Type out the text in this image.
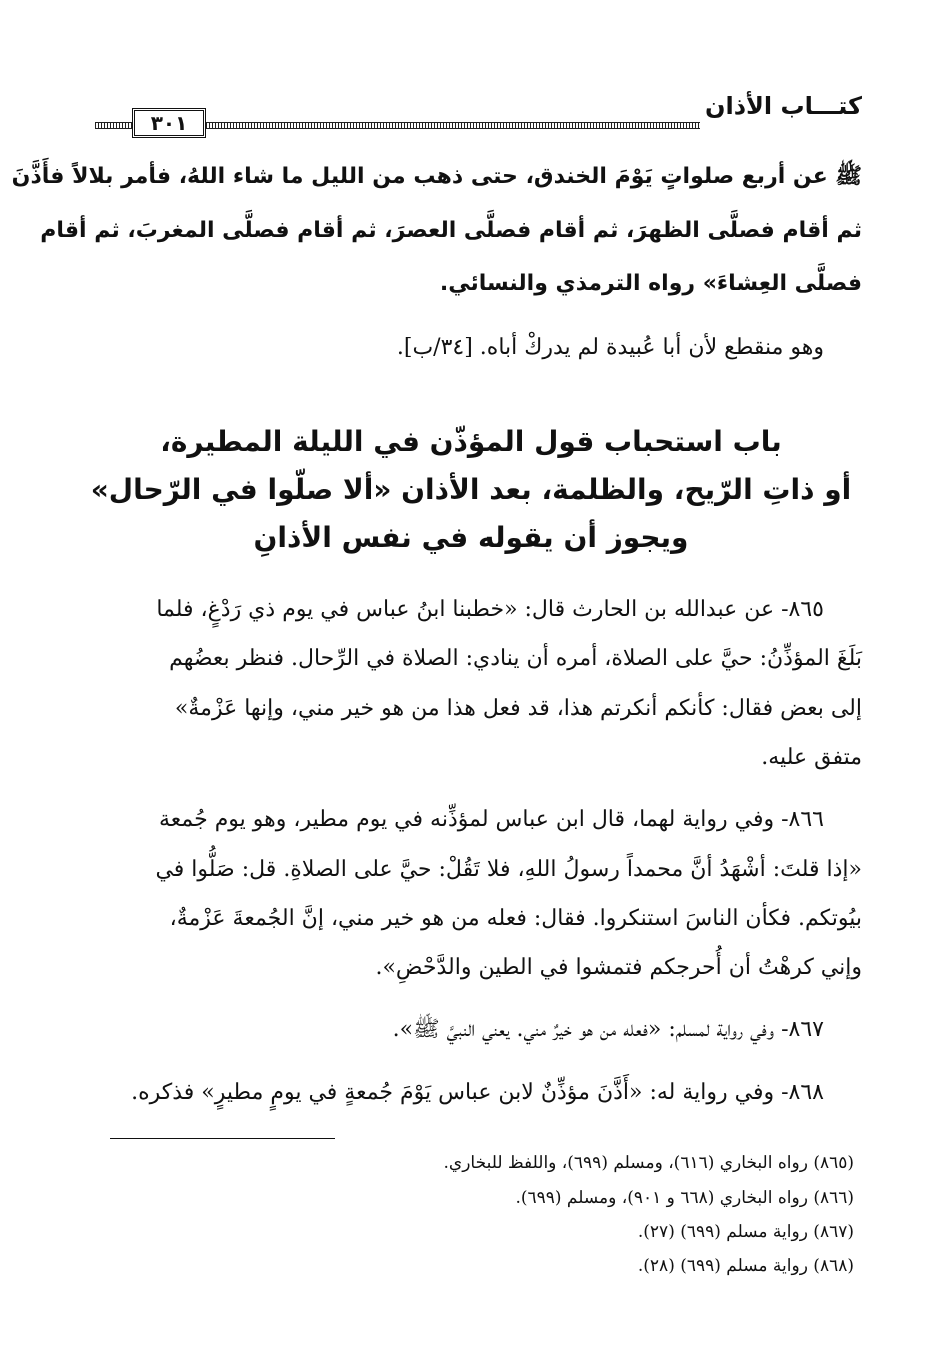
كتـــاب الأذان
٣٠١
ﷺ عن أربع صلواتٍ يَوْمَ الخندق، حتى ذهب من الليل ما شاء اللهُ، فأمر بلالاً فأَذَّنَ
ثم أقام فصلَّى الظهرَ، ثم أقام فصلَّى العصرَ، ثم أقام فصلَّى المغربَ، ثم أقام
فصلَّى العِشاءَ» رواه الترمذي والنسائي.
وهو منقطع لأن أبا عُبيدة لم يدركْ أباه. [٣٤/ب].
باب استحباب قول المؤذّن في الليلة المطيرة،
أو ذاتِ الرّيح، والظلمة، بعد الأذان «ألا صلّوا في الرّحال»
ويجوز أن يقوله في نفس الأذانِ
٨٦٥- عن عبدالله بن الحارث قال: «خطبنا ابنُ عباس في يوم ذي رَدْغٍ، فلما
بَلَغَ المؤذِّنُ: حيَّ على الصلاة، أمره أن ينادي: الصلاة في الرِّحال. فنظر بعضُهم
إلى بعض فقال: كأنكم أنكرتم هذا، قد فعل هذا من هو خير مني، وإنها عَزْمةٌ»
متفق عليه.
٨٦٦- وفي رواية لهما، قال ابن عباس لمؤذِّنه في يوم مطير، وهو يوم جُمعة
«إذا قلتَ: أشْهَدُ أنَّ محمداً رسولُ اللهِ، فلا تَقُلْ: حيَّ على الصلاةِ. قل: صَلُّوا في
بيُوتكم. فكأن الناسَ استنكروا. فقال: فعله من هو خير مني، إنَّ الجُمعةَ عَزْمةٌ،
وإني كرهْتُ أن أُحرجكم فتمشوا في الطين والدَّحْضِ».
٨٦٧- وفي رواية لمسلم: «فعله من هو خيرٌ مني. يعني النبيَّ ﷺ».
٨٦٨- وفي رواية له: «أَذَّنَ مؤذِّنٌ لابن عباس يَوْمَ جُمعةٍ في يومٍ مطيرٍ» فذكره.
(٨٦٥) رواه البخاري (٦١٦)، ومسلم (٦٩٩)، واللفظ للبخاري.
(٨٦٦) رواه البخاري (٦٦٨ و ٩٠١)، ومسلم (٦٩٩).
(٨٦٧) رواية مسلم (٦٩٩) (٢٧).
(٨٦٨) رواية مسلم (٦٩٩) (٢٨).
